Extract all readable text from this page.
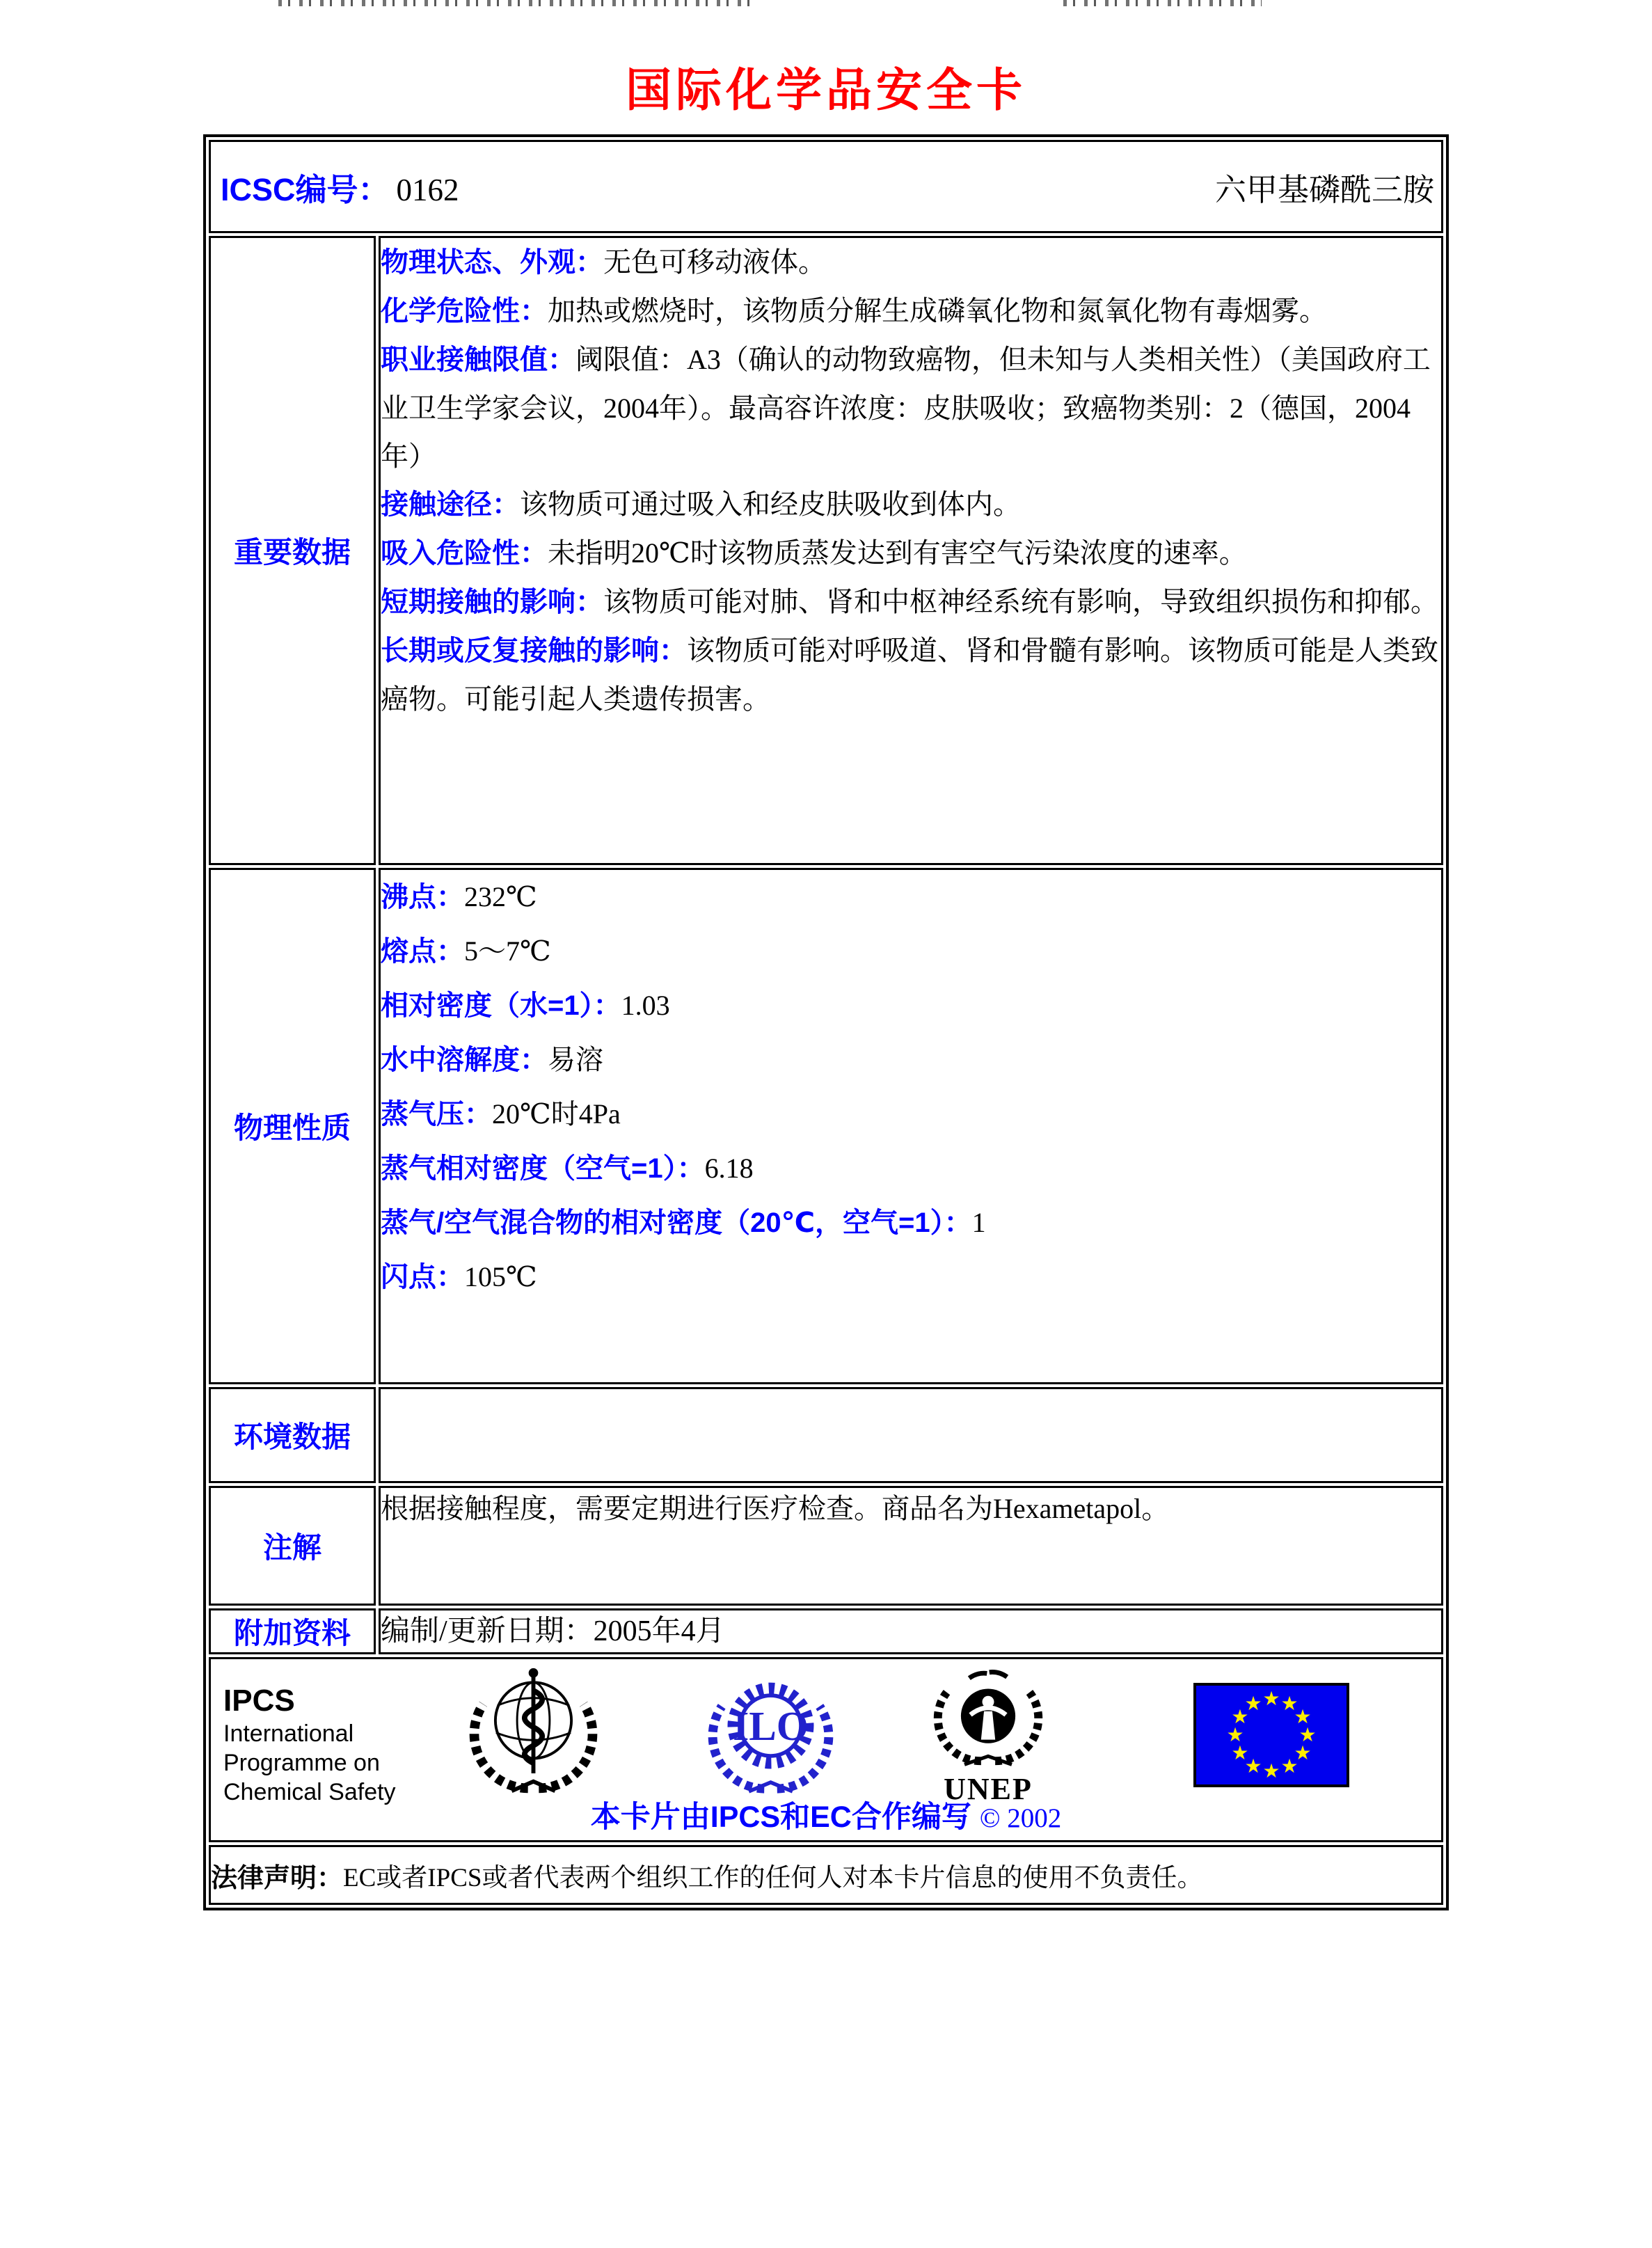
国际化学品安全卡
ICSC编号： 0162 六甲基磷酰三胺	

重要数据	
物理状态、外观：无色可移动液体。
化学危险性：加热或燃烧时，该物质分解生成磷氧化物和氮氧化物有毒烟雾。
职业接触限值：阈限值：A3（确认的动物致癌物，但未知与人类相关性）（美国政府工业卫生学家会议，2004年）。最高容许浓度：皮肤吸收；致癌物类别：2（德国，2004年）
接触途径：该物质可通过吸入和经皮肤吸收到体内。
吸入危险性：未指明20℃时该物质蒸发达到有害空气污染浓度的速率。
短期接触的影响：该物质可能对肺、肾和中枢神经系统有影响，导致组织损伤和抑郁。
长期或反复接触的影响：该物质可能对呼吸道、肾和骨髓有影响。该物质可能是人类致癌物。可能引起人类遗传损害。

物理性质	
沸点：232℃
熔点：5～7℃
相对密度（水=1）：1.03
水中溶解度：易溶
蒸气压：20℃时4Pa
蒸气相对密度（空气=1）：6.18
蒸气/空气混合物的相对密度（20℃，空气=1）：1
闪点：105℃

环境数据	
注解	根据接触程度，需要定期进行医疗检查。商品名为Hexametapol。
附加资料	编制/更新日期：2005年4月

IPCS
International
Programme on
Chemical Safety
ILO
UNEP
★ ★
★
★
★
★
★
★
★
★
★
★
本卡片由IPCS和EC合作编写 © 2002

法律声明： EC或者IPCS或者代表两个组织工作的任何人对本卡片信息的使用不负责任。	
